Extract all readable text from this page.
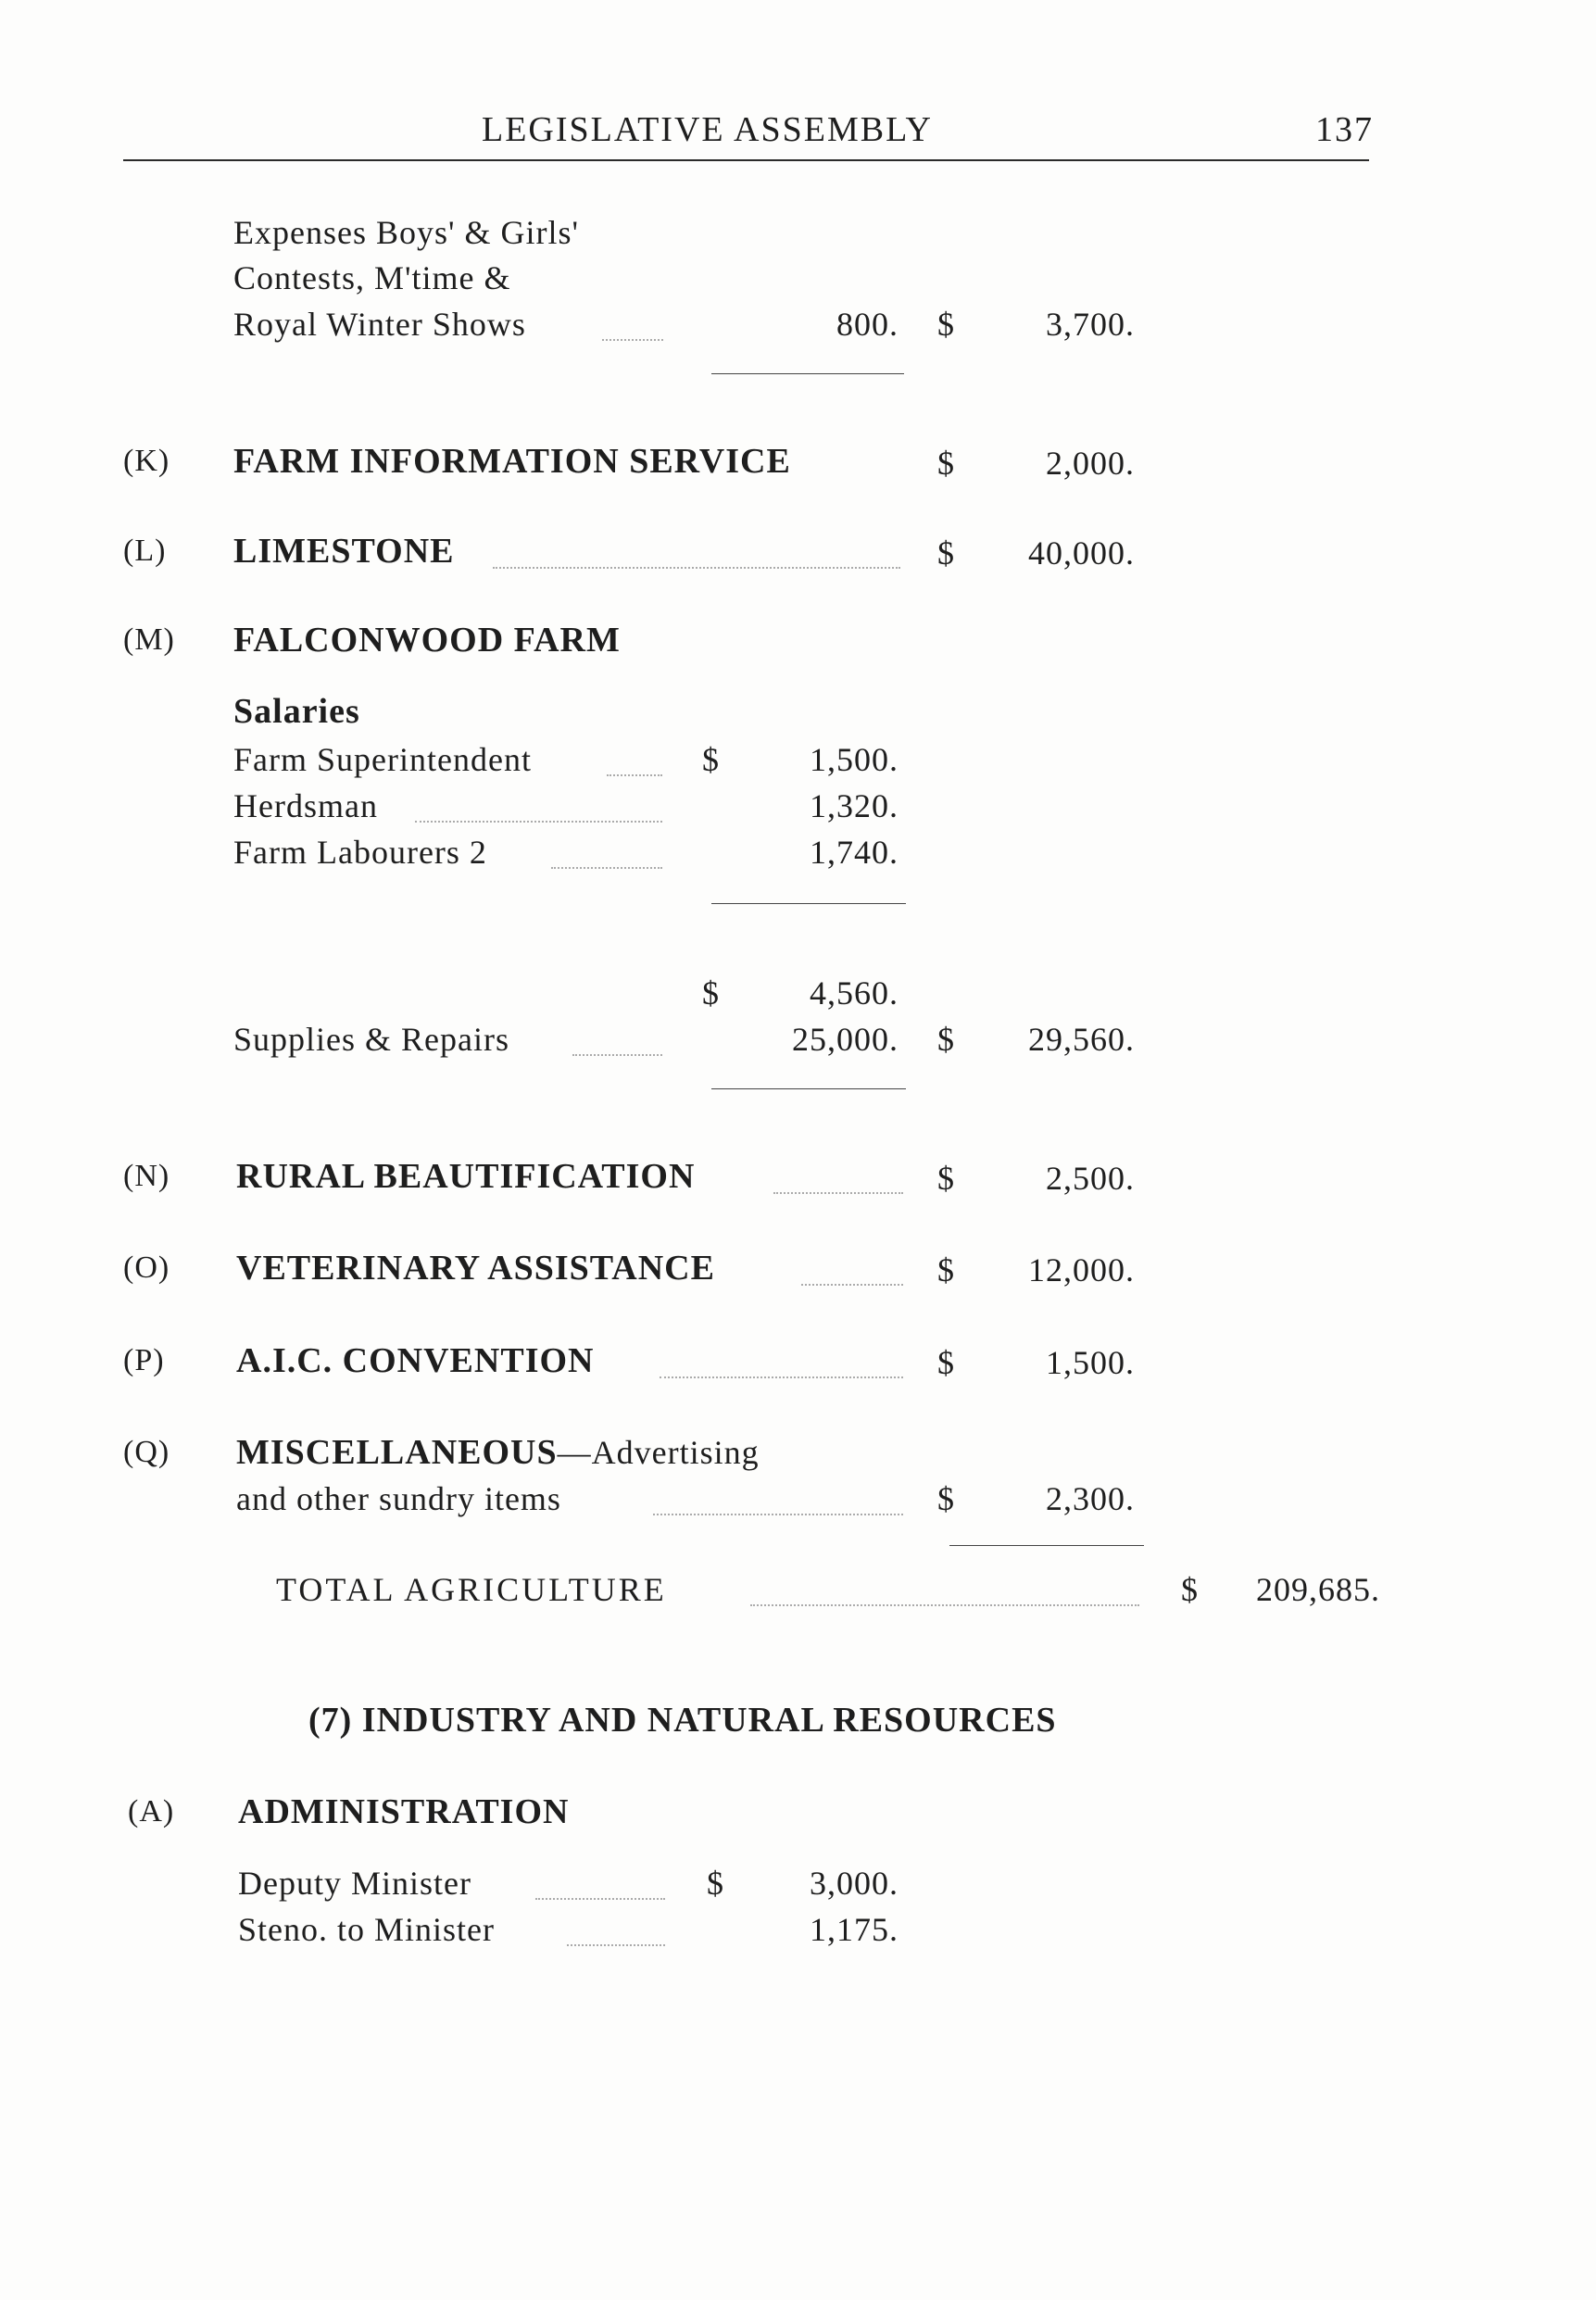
LEGISLATIVE ASSEMBLY	137
Expenses Boys' & Girls'
Contests, M'time &
Royal Winter Shows	800. $	3,700.
(K) FARM INFORMATION SERVICE	$	2,000.
(L) LIMESTONE	$	40,000.
(M) FALCONWOOD FARM
Salaries
Farm Superintendent	$	1,500.
Herdsman	1,320.
Farm Labourers 2	1,740.
$	4,560.
Supplies & Repairs	25,000. $	29,560.
(N) RURAL BEAUTIFICATION	$	2,500.
(O) VETERINARY ASSISTANCE	$	12,000.
(P) A.I.C. CONVENTION	$	1,500.
(Q) MISCELLANEOUS—Advertising
and other sundry items	$	2,300.
TOTAL AGRICULTURE	$	209,685.
(7) INDUSTRY AND NATURAL RESOURCES
(A) ADMINISTRATION
Deputy Minister	$	3,000.
Steno. to Minister	1,175.
